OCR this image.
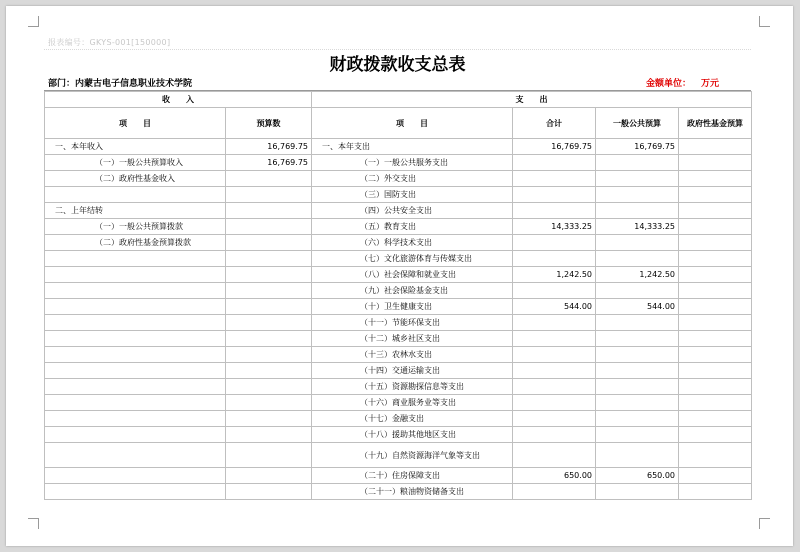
报表编号：GKYS-001[150000]
财政拨款收支总表
部门：内蒙古电子信息职业技术学院	金额单位： 万元
收　　入		支　　出			
项　　目	预算数	项　　目	合计	一般公共预算	政府性基金预算
一、本年收入	16,769.75	一、本年支出	16,769.75	16,769.75	
（一）一般公共预算收入	16,769.75	（一）一般公共服务支出			
（二）政府性基金收入		（二）外交支出			
		（三）国防支出			
二、上年结转		（四）公共安全支出			
（一）一般公共预算拨款		（五）教育支出	14,333.25	14,333.25	
（二）政府性基金预算拨款		（六）科学技术支出			
		（七）文化旅游体育与传媒支出			
		（八）社会保障和就业支出	1,242.50	1,242.50	
		（九）社会保险基金支出			
		（十）卫生健康支出	544.00	544.00	
		（十一）节能环保支出			
		（十二）城乡社区支出			
		（十三）农林水支出			
		（十四）交通运输支出			
		（十五）资源勘探信息等支出			
		（十六）商业服务业等支出			
		（十七）金融支出			
		（十八）援助其他地区支出			
		（十九）自然资源海洋气象等支出			
		（二十）住房保障支出	650.00	650.00	
		（二十一）粮油物资储备支出			
